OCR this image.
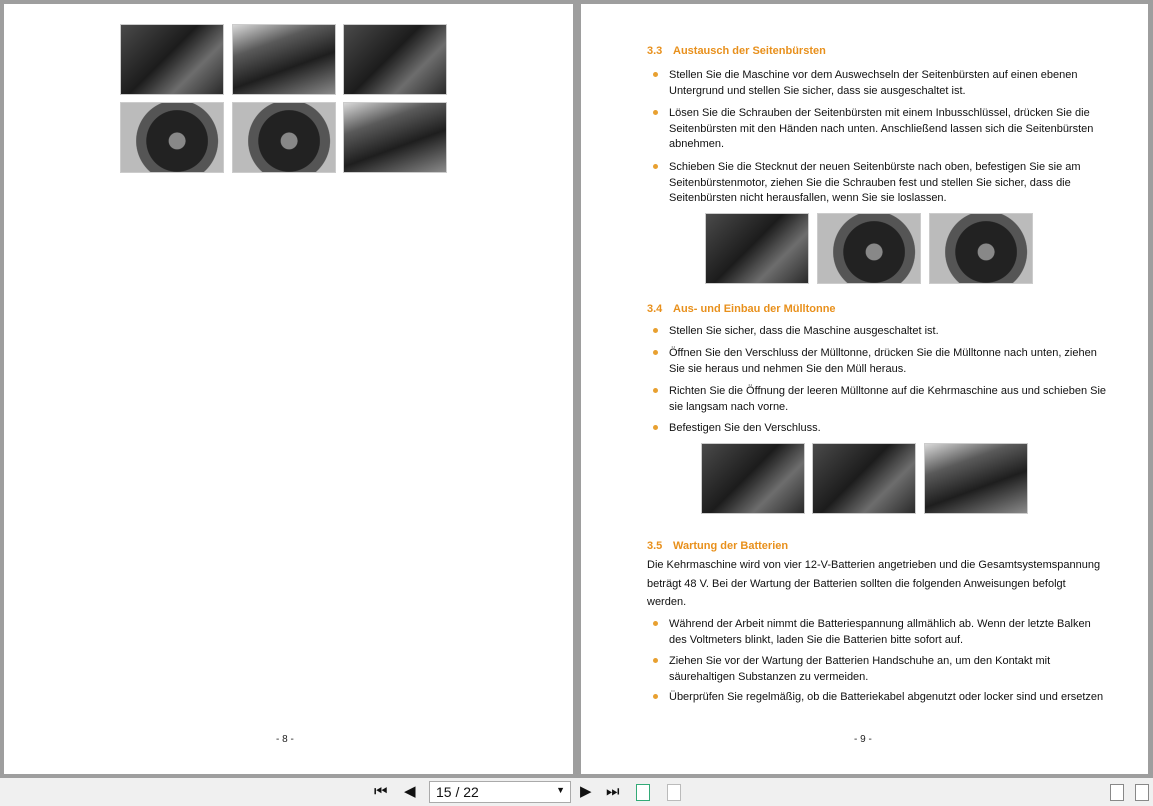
- 8 -
3.3 Austausch der Seitenbürsten
Stellen Sie die Maschine vor dem Auswechseln der Seitenbürsten auf einen ebenen
Untergrund und stellen Sie sicher, dass sie ausgeschaltet ist.
Lösen Sie die Schrauben der Seitenbürsten mit einem Inbusschlüssel, drücken Sie die
Seitenbürsten mit den Händen nach unten. Anschließend lassen sich die Seitenbürsten
abnehmen.
Schieben Sie die Stecknut der neuen Seitenbürste nach oben, befestigen Sie sie am
Seitenbürstenmotor, ziehen Sie die Schrauben fest und stellen Sie sicher, dass die
Seitenbürsten nicht herausfallen, wenn Sie sie loslassen.
3.4 Aus- und Einbau der Mülltonne
Stellen Sie sicher, dass die Maschine ausgeschaltet ist.
Öffnen Sie den Verschluss der Mülltonne, drücken Sie die Mülltonne nach unten, ziehen
Sie sie heraus und nehmen Sie den Müll heraus.
Richten Sie die Öffnung der leeren Mülltonne auf die Kehrmaschine aus und schieben Sie
sie langsam nach vorne.
Befestigen Sie den Verschluss.
3.5 Wartung der Batterien
Die Kehrmaschine wird von vier 12-V-Batterien angetrieben und die Gesamtsystemspannung
beträgt 48 V. Bei der Wartung der Batterien sollten die folgenden Anweisungen befolgt
werden.
Während der Arbeit nimmt die Batteriespannung allmählich ab. Wenn der letzte Balken
des Voltmeters blinkt, laden Sie die Batterien bitte sofort auf.
Ziehen Sie vor der Wartung der Batterien Handschuhe an, um den Kontakt mit
säurehaltigen Substanzen zu vermeiden.
Überprüfen Sie regelmäßig, ob die Batteriekabel abgenutzt oder locker sind und ersetzen
- 9 -
⏮ ◀	15 / 22	▼ ▶ ⏭
